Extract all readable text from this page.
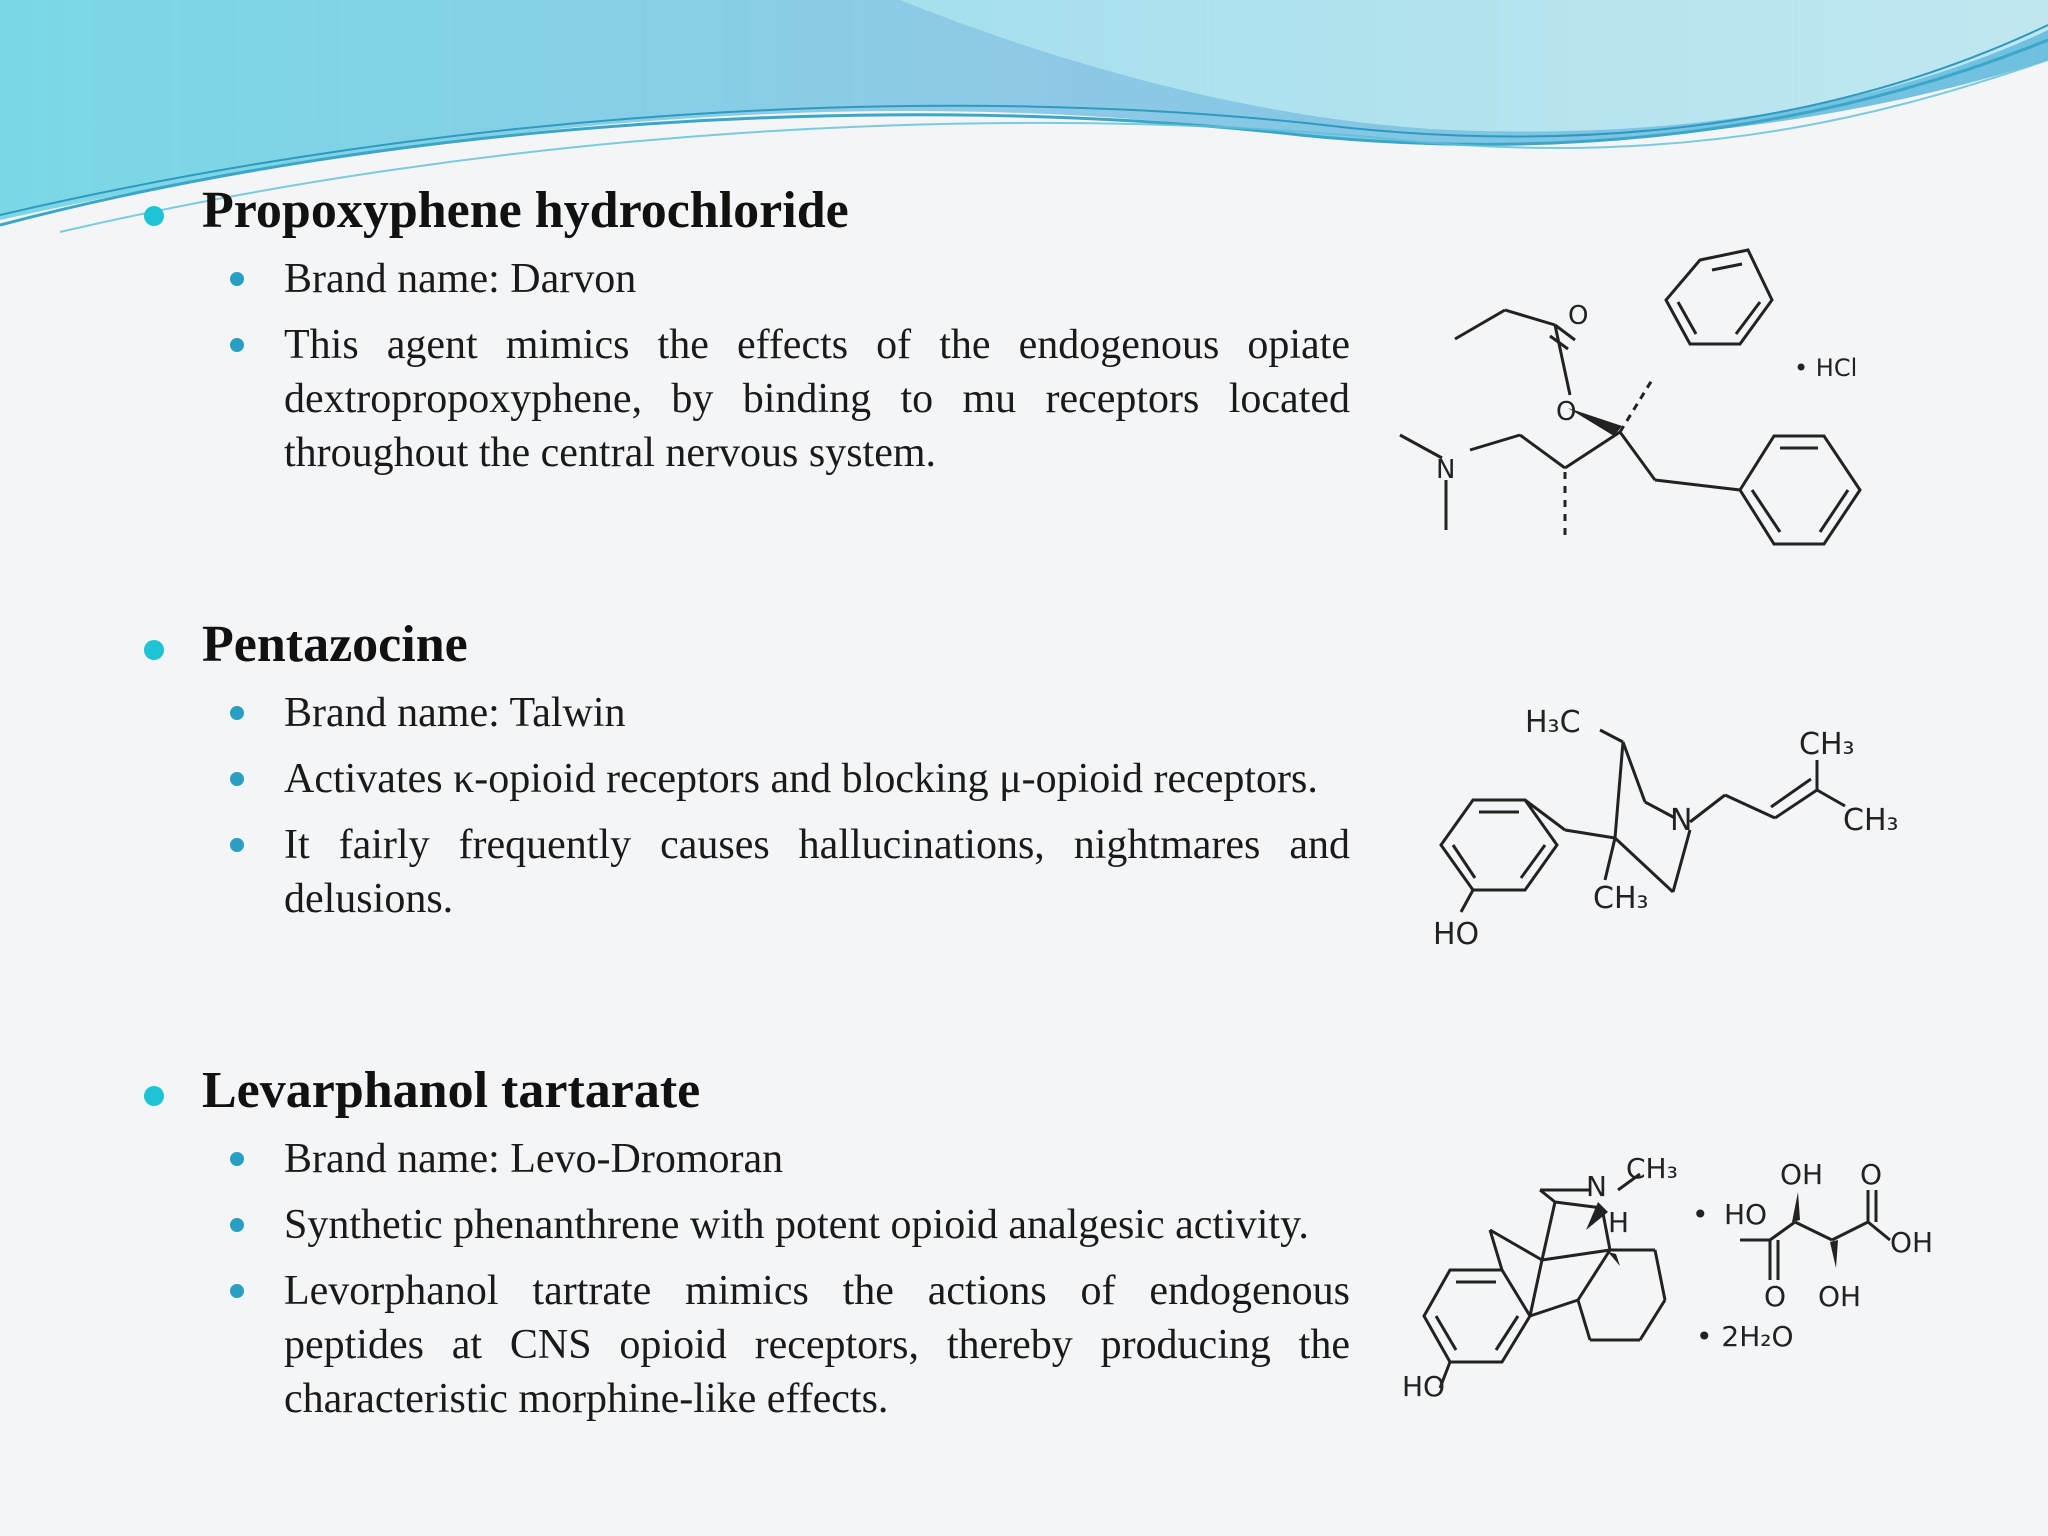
Propoxyphene hydrochloride
Brand name: Darvon
This agent mimics the effects of the endogenous opiate dextropropoxyphene, by binding to mu receptors located throughout the central nervous system.
Pentazocine
Brand name: Talwin
Activates κ-opioid receptors and blocking μ-opioid receptors.
It fairly frequently causes hallucinations, nightmares and delusions.
Levarphanol tartarate
Brand name: Levo-Dromoran
Synthetic phenanthrene with potent opioid analgesic activity.
Levorphanol tartrate mimics the actions of endogenous peptides at CNS opioid receptors, thereby producing the characteristic morphine-like effects.
O
O
N
• HCl
H₃C
CH₃
CH₃
CH₃
N
HO
N
CH₃
H
HO
• HO
OH O
OH
O OH
• 2H₂O
